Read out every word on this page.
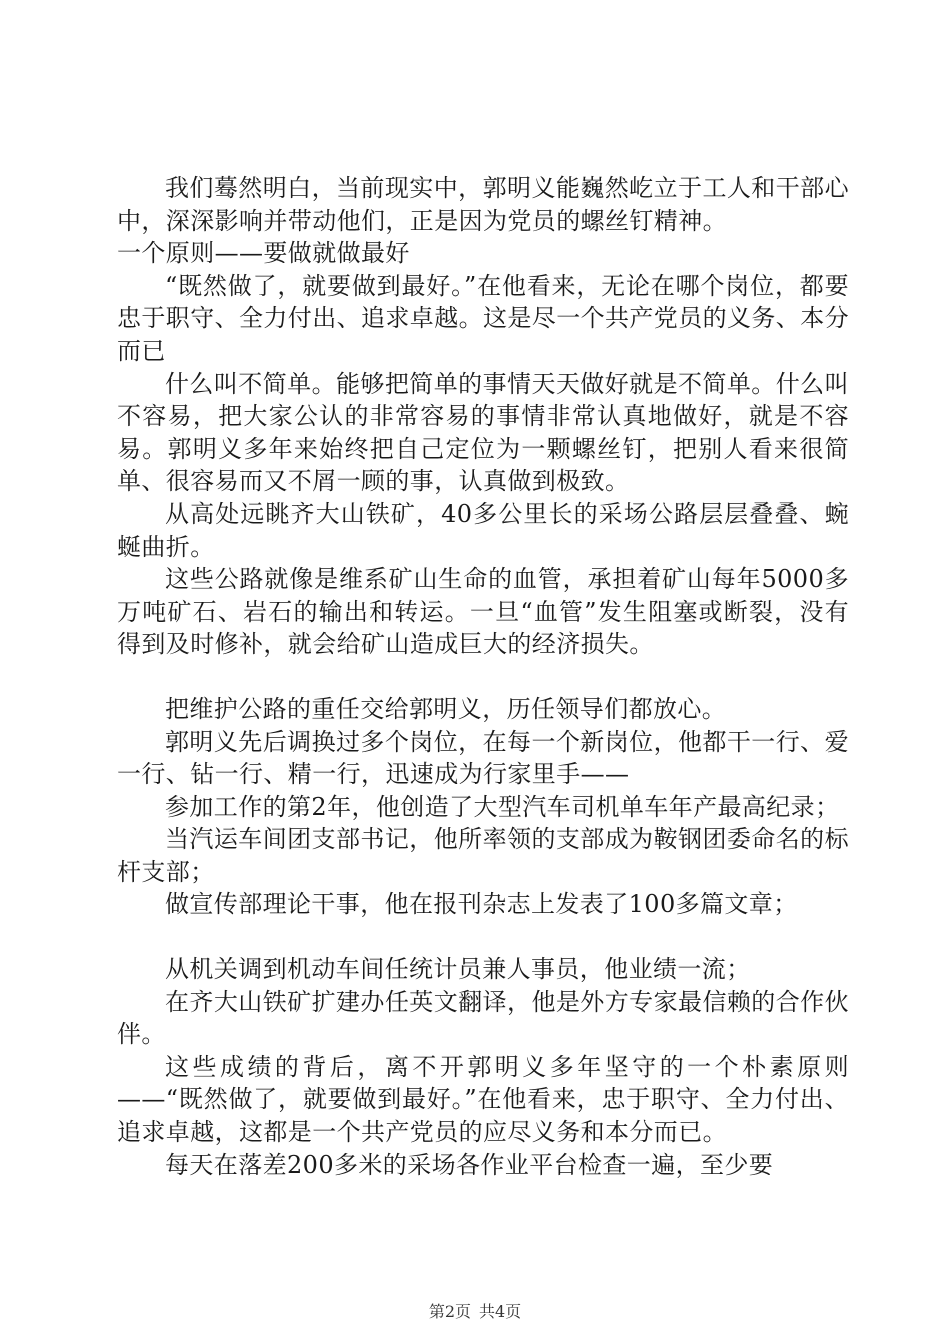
我们蓦然明白，当前现实中，郭明义能巍然屹立于工人和干部心中，深深影响并带动他们，正是因为党员的螺丝钉精神。

一个原则——要做就做最好

“既然做了，就要做到最好。”在他看来，无论在哪个岗位，都要忠于职守、全力付出、追求卓越。这是尽一个共产党员的义务、本分而已

什么叫不简单。能够把简单的事情天天做好就是不简单。什么叫不容易，把大家公认的非常容易的事情非常认真地做好，就是不容易。郭明义多年来始终把自己定位为一颗螺丝钉，把别人看来很简单、很容易而又不屑一顾的事，认真做到极致。

从高处远眺齐大山铁矿，40多公里长的采场公路层层叠叠、蜿蜒曲折。

这些公路就像是维系矿山生命的血管，承担着矿山每年5000多万吨矿石、岩石的输出和转运。一旦“血管”发生阻塞或断裂，没有得到及时修补，就会给矿山造成巨大的经济损失。

把维护公路的重任交给郭明义，历任领导们都放心。

郭明义先后调换过多个岗位，在每一个新岗位，他都干一行、爱一行、钻一行、精一行，迅速成为行家里手——

参加工作的第2年，他创造了大型汽车司机单车年产最高纪录；

当汽运车间团支部书记，他所率领的支部成为鞍钢团委命名的标杆支部；

做宣传部理论干事，他在报刊杂志上发表了100多篇文章；

从机关调到机动车间任统计员兼人事员，他业绩一流；

在齐大山铁矿扩建办任英文翻译，他是外方专家最信赖的合作伙伴。

这些成绩的背后，离不开郭明义多年坚守的一个朴素原则——“既然做了，就要做到最好。”在他看来，忠于职守、全力付出、追求卓越，这都是一个共产党员的应尽义务和本分而已。

每天在落差200多米的采场各作业平台检查一遍，至少要

第2页 共4页
